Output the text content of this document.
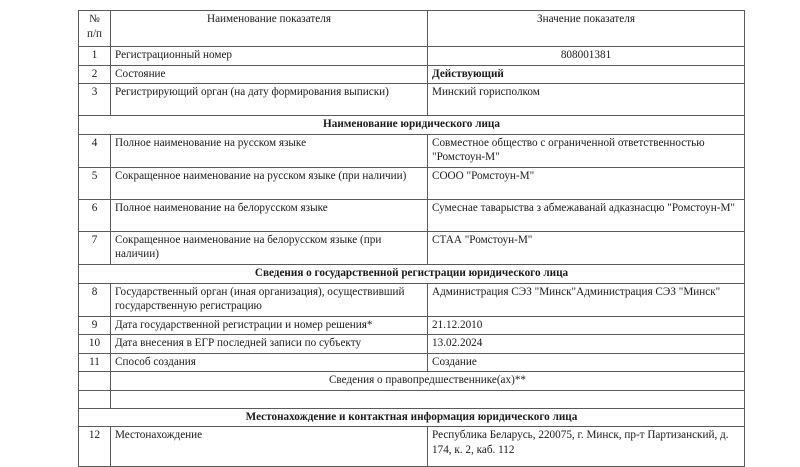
№
п/п	Наименование показателя	Значение показателя
1	Регистрационный номер	808001381
2	Состояние	Действующий
3	Регистрирующий орган (на дату формирования выписки)	Минский горисполком
Наименование юридического лица		
4	Полное наименование на русском языке	Совместное общество с ограниченной ответственностью "Ромстоун-М"
5	Сокращенное наименование на русском языке (при наличии)	СООО "Ромстоун-М"
6	Полное наименование на белорусском языке	Сумеснае таварыства з абмежаванай адказнасцю "Ромстоун-М"
7	Сокращенное наименование на белорусском языке (при наличии)	СТАА "Ромстоун-М"
Сведения о государственной регистрации юридического лица		
8	Государственный орган (иная организация), осуществивший государственную регистрацию	Администрация СЭЗ "Минск"Администрация СЭЗ "Минск"
9	Дата государственной регистрации и номер решения*	21.12.2010
10	Дата внесения в ЕГР последней записи по субъекту	13.02.2024
11	Способ создания	Создание
	Сведения о правопредшественнике(ах)**	

Местонахождение и контактная информация юридического лица		
12	Местонахождение	Республика Беларусь, 220075, г. Минск, пр-т Партизанский, д. 174, к. 2, каб. 112
